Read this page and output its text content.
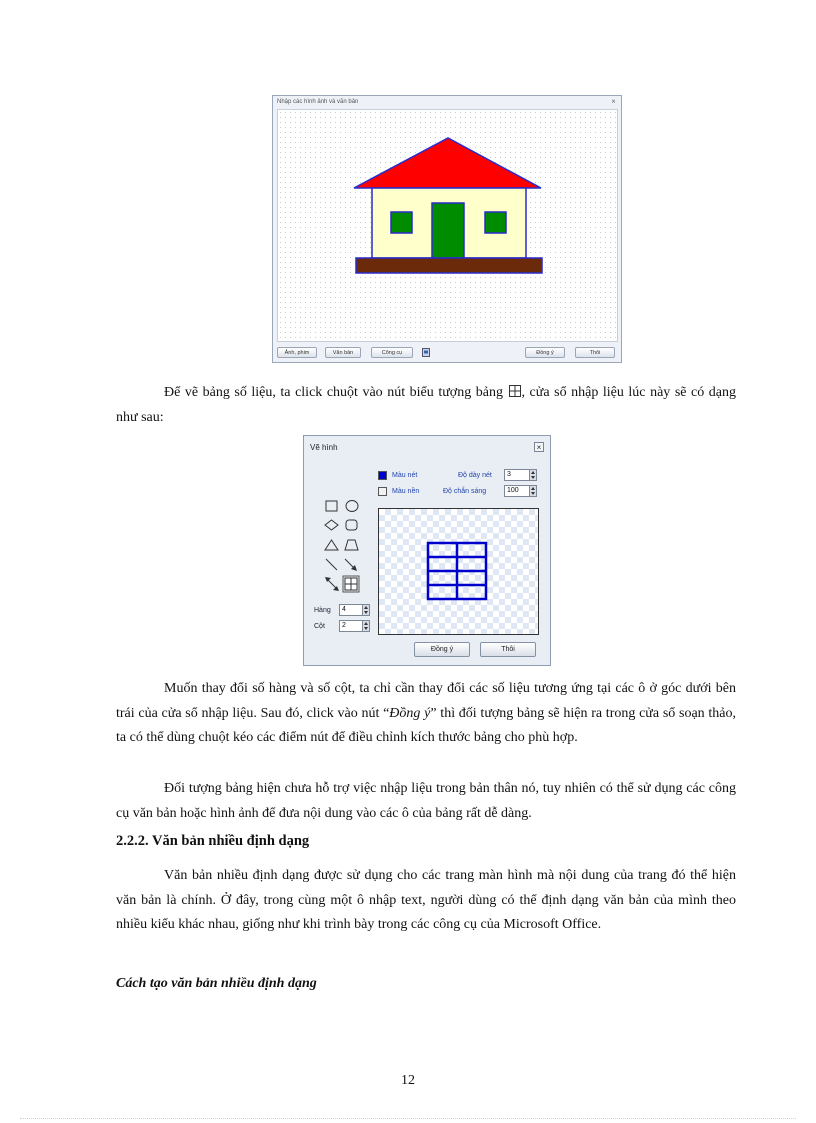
Nhập các hình ảnh và văn bản	×
Ảnh, phim	Văn bản	Công cụ	Đồng ý	Thôi

Để vẽ bảng số liệu, ta click chuột vào nút biểu tượng bảng , cửa sổ nhập liệu lúc này sẽ có dạng như sau:

Vẽ hình	×
Màu nét
Màu nền
Độ dày nét	3
Độ chắn sáng	100
Hàng	4
Cột	2
Đồng ý	Thôi

Muốn thay đổi số hàng và số cột, ta chỉ cần thay đổi các số liệu tương ứng tại các ô ở góc dưới bên trái của cửa sổ nhập liệu. Sau đó, click vào nút “Đồng ý” thì đối tượng bảng sẽ hiện ra trong cửa sổ soạn thảo, ta có thể dùng chuột kéo các điểm nút để điều chỉnh kích thước bảng cho phù hợp.

Đối tượng bảng hiện chưa hỗ trợ việc nhập liệu trong bản thân nó, tuy nhiên có thể sử dụng các công cụ văn bản hoặc hình ảnh để đưa nội dung vào các ô của bảng rất dễ dàng.

2.2.2. Văn bản nhiều định dạng

Văn bản nhiều định dạng được sử dụng cho các trang màn hình mà nội dung của trang đó thể hiện văn bản là chính. Ở đây, trong cùng một ô nhập text, người dùng có thể định dạng văn bản của mình theo nhiều kiểu khác nhau, giống như khi trình bày trong các công cụ của Microsoft Office.

Cách tạo văn bản nhiều định dạng

12
